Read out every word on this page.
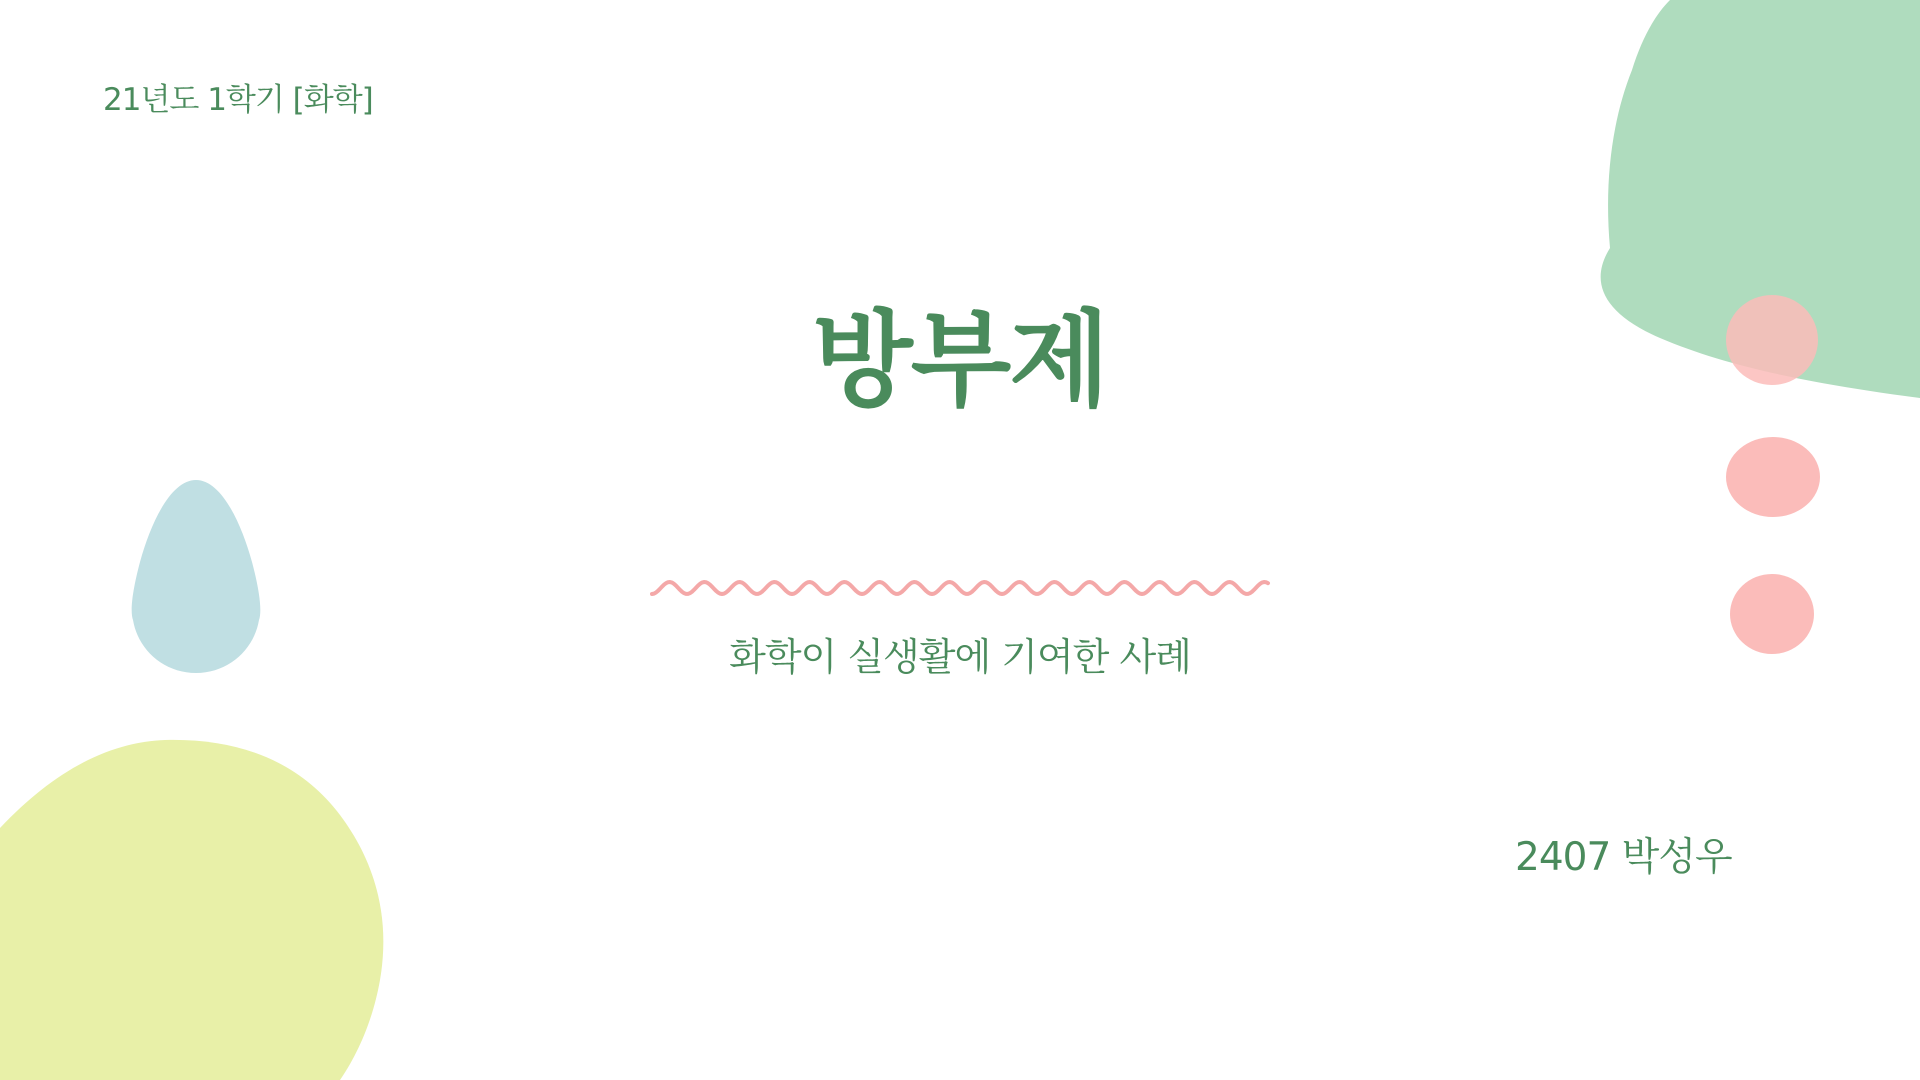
21년도 1학기 [화학]
방부제
화학이 실생활에 기여한 사례
2407 박성우
